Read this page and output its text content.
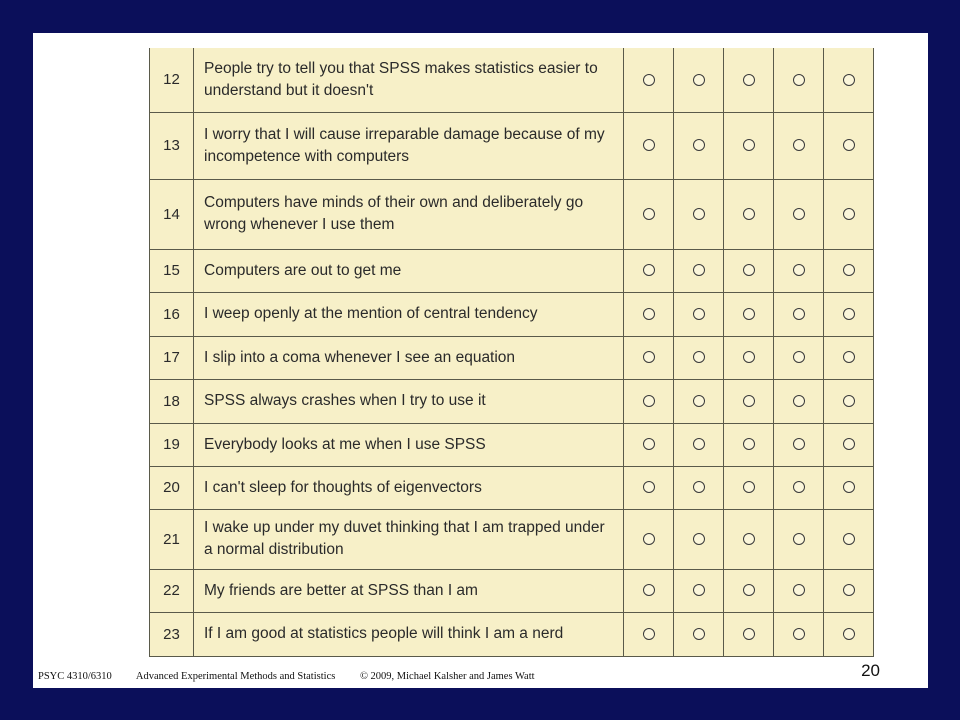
12	People try to tell you that SPSS makes statistics easier to understand but it doesn't					
13	I worry that I will cause irreparable damage because of my incompetence with computers					
14	Computers have minds of their own and deliberately go wrong whenever I use them					
15	Computers are out to get me					
16	I weep openly at the mention of central tendency					
17	I slip into a coma whenever I see an equation					
18	SPSS always crashes when I try to use it					
19	Everybody looks at me when I use SPSS					
20	I can't sleep for thoughts of eigenvectors					
21	I wake up under my duvet thinking that I am trapped under a normal distribution					
22	My friends are better at SPSS than I am					
23	If I am good at statistics people will think I am a nerd					
PSYC 4310/6310 Advanced Experimental Methods and Statistics © 2009, Michael Kalsher and James Watt	20
